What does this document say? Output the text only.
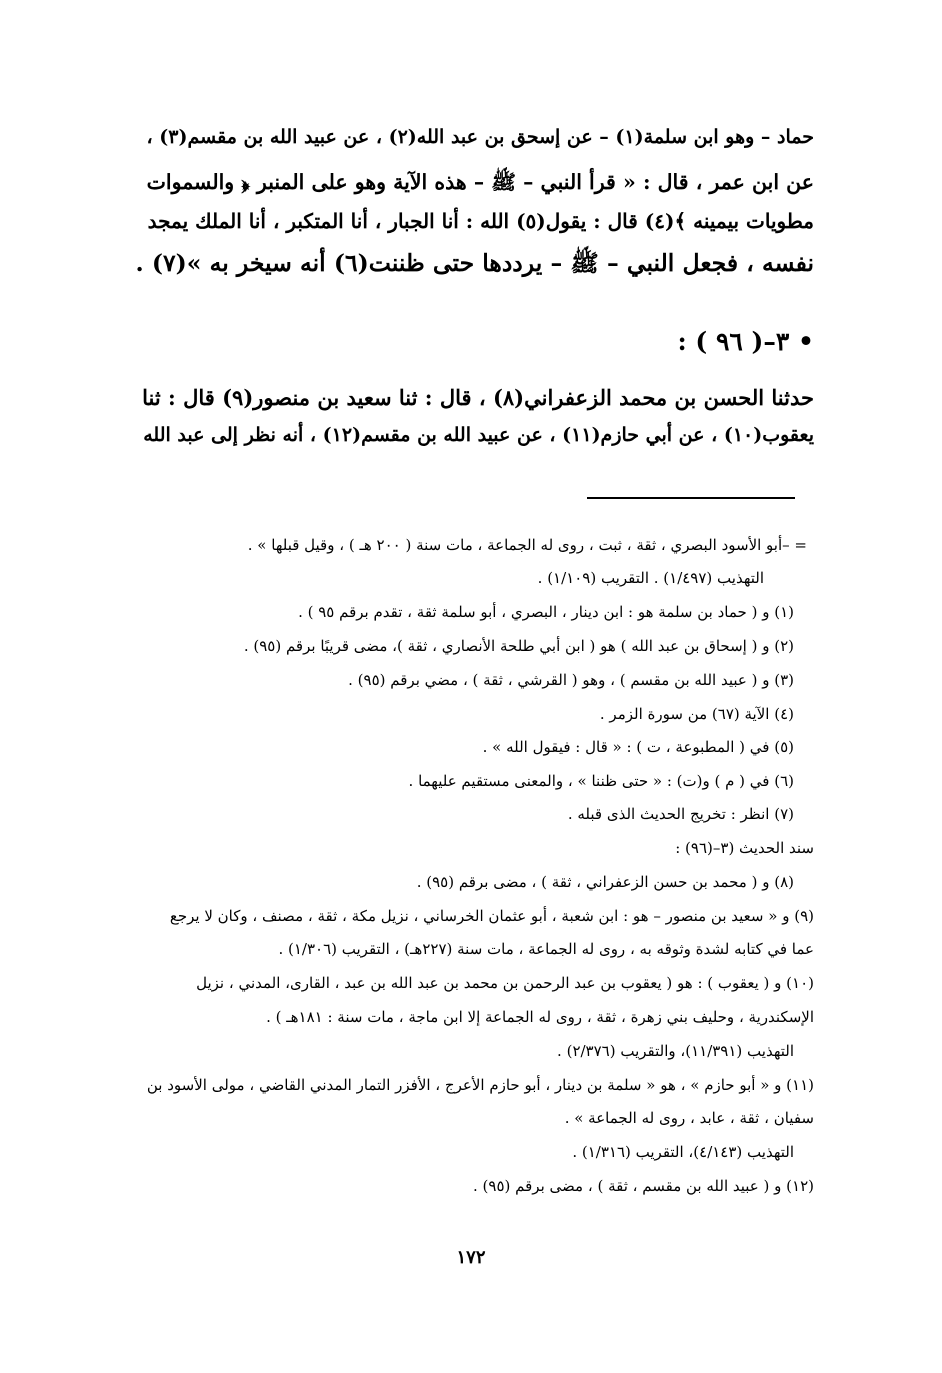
حماد – وهو ابن سلمة(١) – عن إسحق بن عبد الله(٢) ، عن عبيد الله بن مقسم(٣) ،
عن ابن عمر ، قال : « قرأ النبي – ﷺ – هذه الآية وهو على المنبر ﴿ والسموات
مطويات بيمينه ﴾(٤) قال : يقول(٥) الله : أنا الجبار ، أنا المتكبر ، أنا الملك يمجد
نفسه ، فجعل النبي – ﷺ – يرددها حتى ظننت(٦) أنه سيخر به »(٧) .
• ٣–( ٩٦ ) :
حدثنا الحسن بن محمد الزعفراني(٨) ، قال : ثنا سعيد بن منصور(٩) قال : ثنا
يعقوب(١٠) ، عن أبي حازم(١١) ، عن عبيد الله بن مقسم(١٢) ، أنه نظر إلى عبد الله
= –أبو الأسود البصري ، ثقة ، ثبت ، روى له الجماعة ، مات سنة ( ٢٠٠ هـ ) ، وقيل قبلها » .
التهذيب (١/٤٩٧) . التقريب (١/١٠٩) .
(١) و ( حماد بن سلمة هو : ابن دينار ، البصري ، أبو سلمة ثقة ، تقدم برقم ٩٥ ) .
(٢) و ( إسحاق بن عبد الله ) هو ( ابن أبي طلحة الأنصاري ، ثقة )، مضى قريبًا برقم (٩٥) .
(٣) و ( عبيد الله بن مقسم ) ، وهو ( القرشي ، ثقة ) ، مضي برقم (٩٥) .
(٤) الآية (٦٧) من سورة الزمر .
(٥) في ( المطبوعة ، ت ) : « قال : فيقول الله » .
(٦) في ( م ) و(ت) : « حتى ظننا » ، والمعنى مستقيم عليهما .
(٧) انظر : تخريج الحديث الذى قبله .
سند الحديث (٣–(٩٦) :
(٨) و ( محمد بن حسن الزعفراني ، ثقة ) ، مضى برقم (٩٥) .
(٩) و « سعيد بن منصور – هو : ابن شعبة ، أبو عثمان الخرساني ، نزيل مكة ، ثقة ، مصنف ، وكان لا يرجع
عما في كتابه لشدة وثوقه به ، روى له الجماعة ، مات سنة (٢٢٧هـ) ، التقريب (١/٣٠٦) .
(١٠) و ( يعقوب ) : هو ( يعقوب بن عبد الرحمن بن محمد بن عبد الله بن عبد ، القارى، المدني ، نزيل
الإسكندرية ، وحليف بني زهرة ، ثقة ، روى له الجماعة إلا ابن ماجة ، مات سنة : ١٨١هـ ) .
التهذيب (١١/٣٩١)، والتقريب (٢/٣٧٦) .
(١١) و « أبو حازم » ، هو « سلمة بن دينار ، أبو حازم الأعرج ، الأفزر التمار المدني القاضي ، مولى الأسود بن
سفيان ، ثقة ، عابد ، روى له الجماعة » .
التهذيب (٤/١٤٣)، التقريب (١/٣١٦) .
(١٢) و ( عبيد الله بن مقسم ، ثقة ) ، مضى برقم (٩٥) .
١٧٢
